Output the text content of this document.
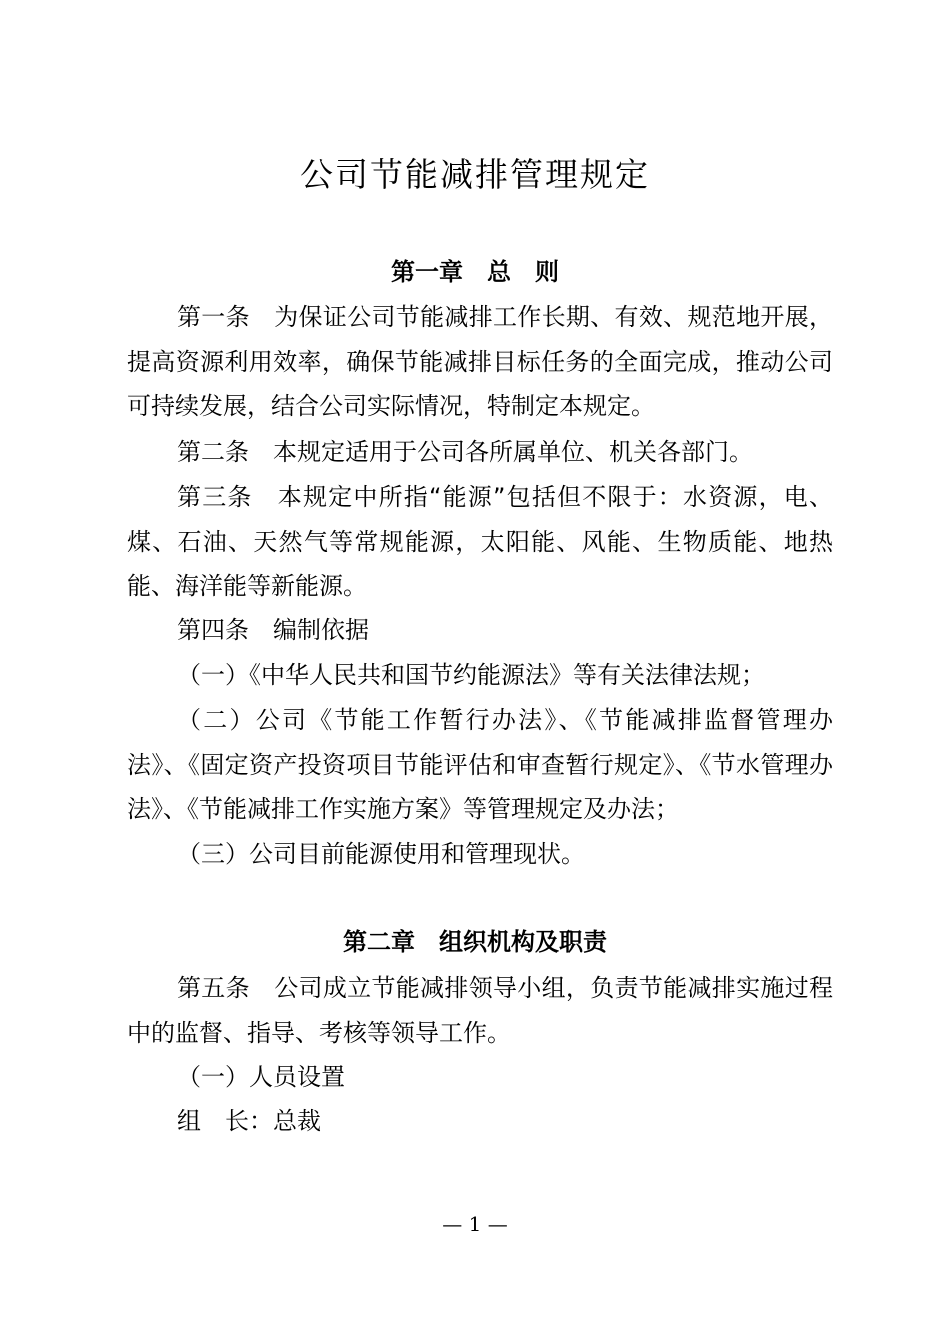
公司节能减排管理规定
第一章　总　则

第一条　为保证公司节能减排工作长期、有效、规范地开展，提高资源利用效率，确保节能减排目标任务的全面完成，推动公司可持续发展，结合公司实际情况，特制定本规定。

第二条　本规定适用于公司各所属单位、机关各部门。

第三条　本规定中所指“能源”包括但不限于：水资源，电、煤、石油、天然气等常规能源，太阳能、风能、生物质能、地热能、海洋能等新能源。

第四条　编制依据

（一）《中华人民共和国节约能源法》等有关法律法规；

（二）公司《节能工作暂行办法》、《节能减排监督管理办法》、《固定资产投资项目节能评估和审查暂行规定》、《节水管理办法》、《节能减排工作实施方案》等管理规定及办法；

（三）公司目前能源使用和管理现状。

第二章　组织机构及职责

第五条　公司成立节能减排领导小组，负责节能减排实施过程中的监督、指导、考核等领导工作。

（一）人员设置

组　长：总裁

— 1 —
